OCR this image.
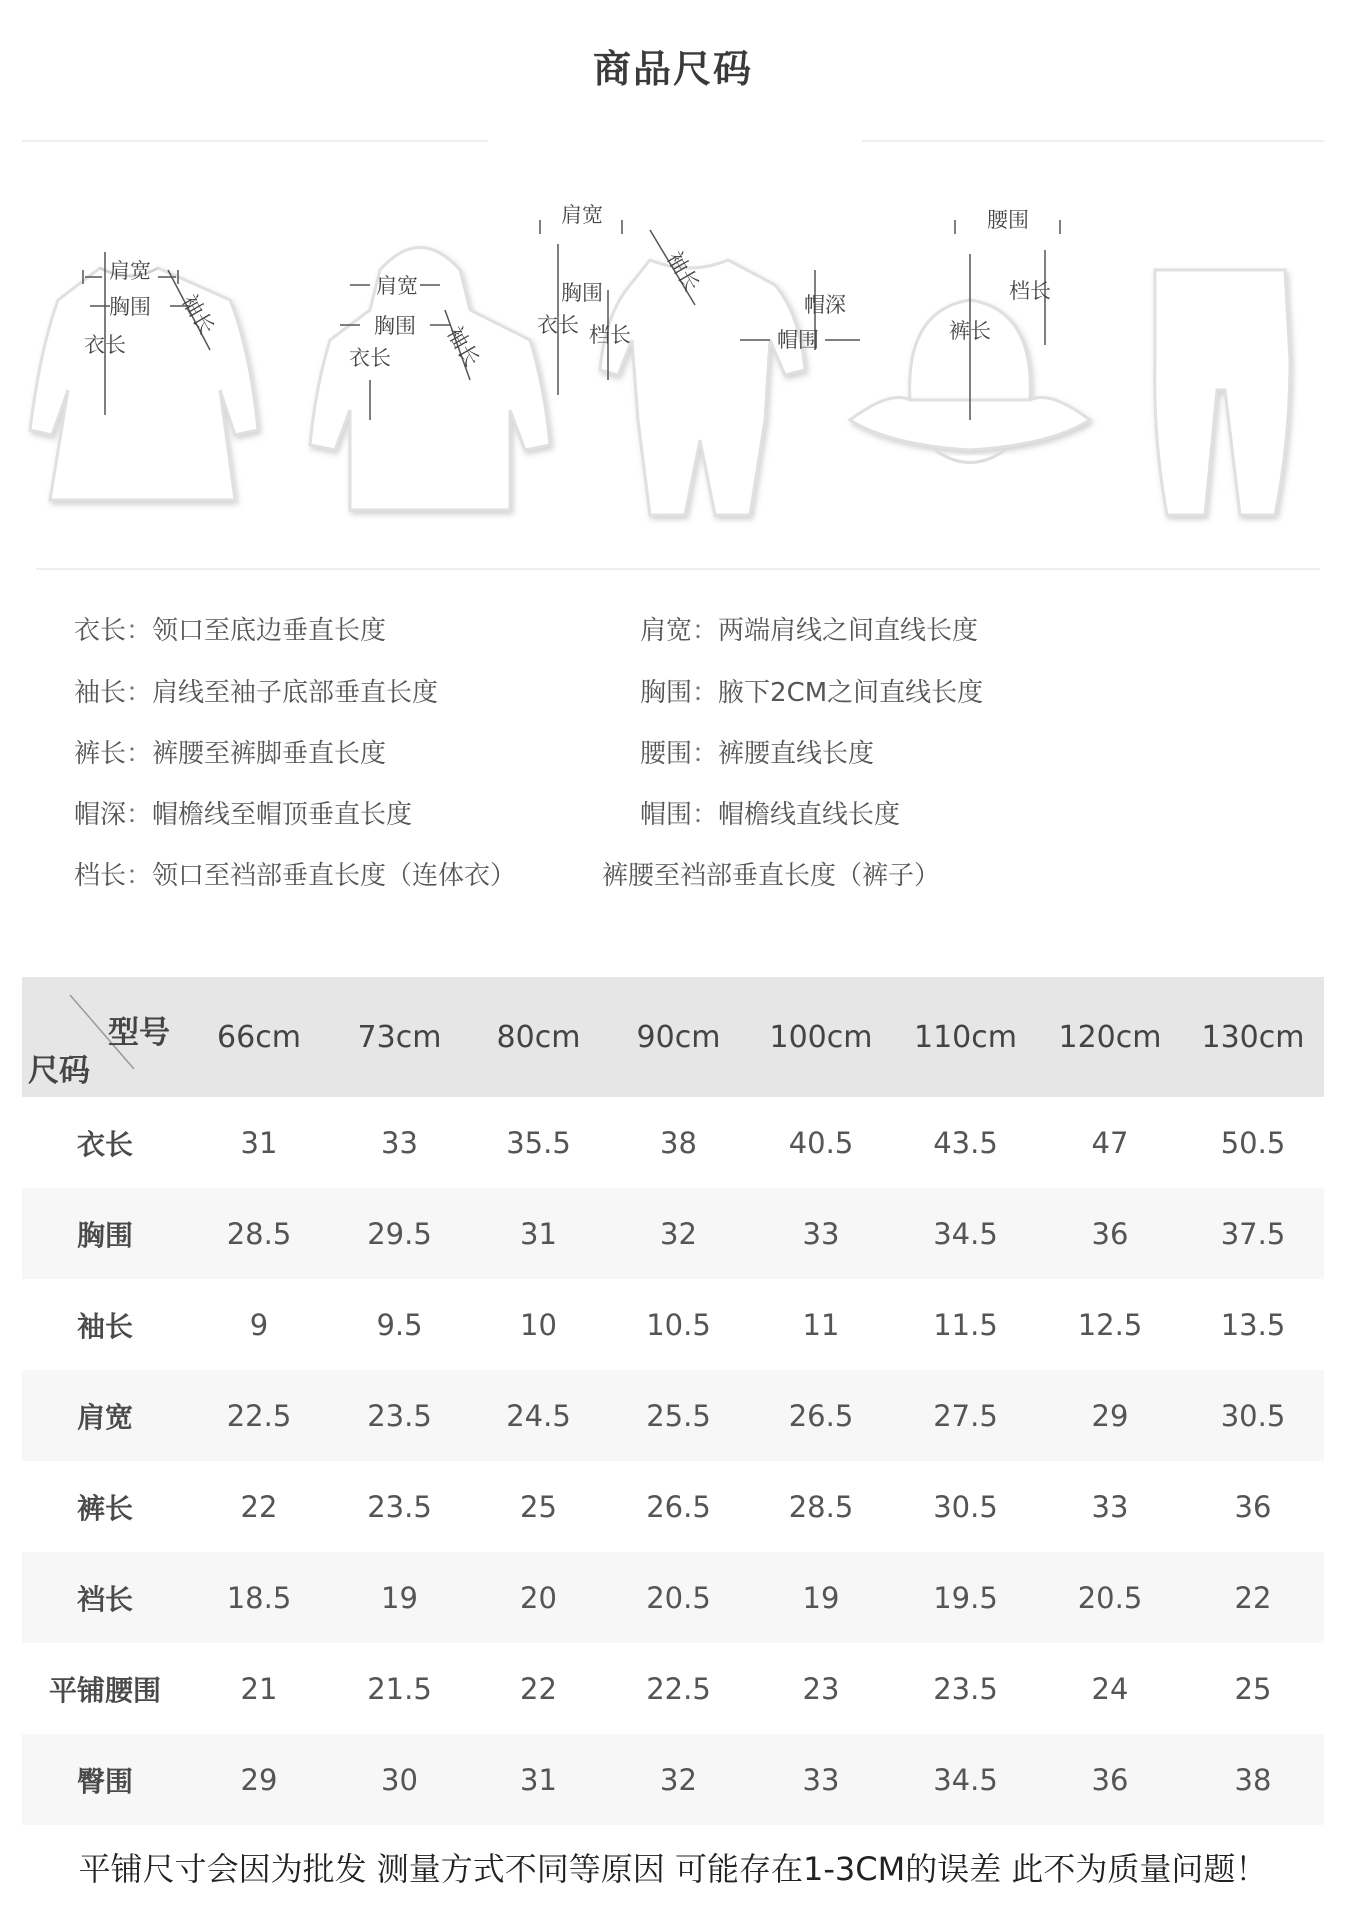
商品尺码
肩宽
胸围
衣长
袖长
肩宽
胸围
衣长 袖长
肩宽
胸围
衣长 档长
袖长
帽深
帽围
腰围
档长
裤长
衣长：领口至底边垂直长度	肩宽：两端肩线之间直线长度
袖长：肩线至袖子底部垂直长度	胸围：腋下2CM之间直线长度
裤长：裤腰至裤脚垂直长度	腰围：裤腰直线长度
帽深：帽檐线至帽顶垂直长度	帽围：帽檐线直线长度
档长：领口至裆部垂直长度（连体衣）	裤腰至裆部垂直长度（裤子）
型号
尺码	66cm	73cm	80cm	90cm	100cm	110cm	120cm	130cm
衣长	31	33	35.5	38	40.5	43.5	47	50.5
胸围	28.5	29.5	31	32	33	34.5	36	37.5
袖长	9	9.5	10	10.5	11	11.5	12.5	13.5
肩宽	22.5	23.5	24.5	25.5	26.5	27.5	29	30.5
裤长	22	23.5	25	26.5	28.5	30.5	33	36
裆长	18.5	19	20	20.5	19	19.5	20.5	22
平铺腰围	21	21.5	22	22.5	23	23.5	24	25
臀围	29	30	31	32	33	34.5	36	38
平铺尺寸会因为批发 测量方式不同等原因 可能存在1-3CM的误差 此不为质量问题！
